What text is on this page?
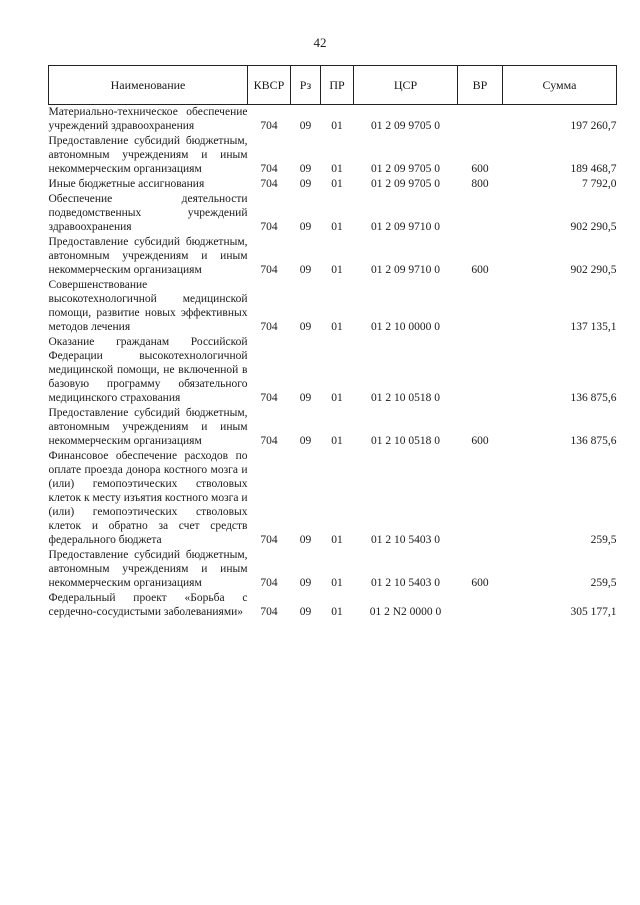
42
Наименование	КВСР	Рз	ПР	ЦСР	ВР	Сумма
Материально-техническое обеспечение учреждений здравоохранения	704	09	01	01 2 09 9705 0		197 260,7
Предоставление субсидий бюджетным, автономным учреждениям и иным некоммерческим организациям	704	09	01	01 2 09 9705 0	600	189 468,7
Иные бюджетные ассигнования	704	09	01	01 2 09 9705 0	800	7 792,0
Обеспечение деятельности подведомственных учреждений здравоохранения	704	09	01	01 2 09 9710 0		902 290,5
Предоставление субсидий бюджетным, автономным учреждениям и иным некоммерческим организациям	704	09	01	01 2 09 9710 0	600	902 290,5
Совершенствование высокотехнологичной медицинской помощи, развитие новых эффективных методов лечения	704	09	01	01 2 10 0000 0		137 135,1
Оказание гражданам Российской Федерации высокотехнологичной медицинской помощи, не включенной в базовую программу обязательного медицинского страхования	704	09	01	01 2 10 0518 0		136 875,6
Предоставление субсидий бюджетным, автономным учреждениям и иным некоммерческим организациям	704	09	01	01 2 10 0518 0	600	136 875,6
Финансовое обеспечение расходов по оплате проезда донора костного мозга и (или) гемопоэтических стволовых клеток к месту изъятия костного мозга и (или) гемопоэтических стволовых клеток и обратно за счет средств федерального бюджета	704	09	01	01 2 10 5403 0		259,5
Предоставление субсидий бюджетным, автономным учреждениям и иным некоммерческим организациям	704	09	01	01 2 10 5403 0	600	259,5
Федеральный проект «Борьба с сердечно-сосудистыми заболеваниями»	704	09	01	01 2 N2 0000 0		305 177,1
